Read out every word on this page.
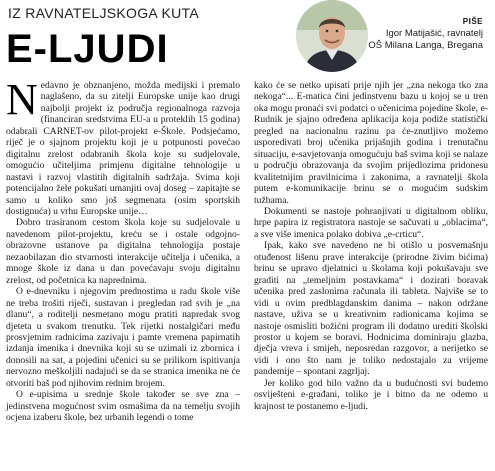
IZ RAVNATELJSKOGA KUTA
E-LJUDI
PIŠE
Igor Matijašić, ravnatelj
OŠ Milana Langa, Bregana

Nedavno je obznanjeno, možda medijski i premalo naglašeno, da su zitelji Europske unije kao drugi najbolji projekt iz područja regionalnoga razvoja (financiran sredstvima EU-a u proteklih 15 godina) odabrali CARNET-ov pilot-projekt e-Škole. Podsjećamo, riječ je o sjajnom projektu koji je u potpunosti povećao digitalnu zrelost odabranih škola koje su sudjelovale, omogućio učiteljima primjenu digitalne tehnologije u nastavi i razvoj vlastitih digitalnih sadržaja. Svima koji potencijalno žele pokušati umanjiti ovaj doseg – zapitajte se samo u koliko smo još segmenata (osim sportskih dostignuća) u vrhu Europske unije…

Dobro trasiranom cestom škola koje su sudjelovale u navedenom pilot-projektu, kreću se i ostale odgojno-obrazovne ustanove pa digitalna tehnologija postaje nezaobilazan dio stvarnosti interakcije učitelja i učenika, a mnoge škole iz dana u dan povećavaju svoju digitalnu zrelost, od početnica ka naprednima.

O e-dnevniku i njegovim prednostima u radu škole više ne treba trošiti riječi, sustavan i pregledan rad svih je „na dlanu“, a roditelji nesmetano mogu pratiti napredak svog djeteta u svakom trenutku. Tek rijetki nostalgičari među prosvjetnim radnicima zazivaju i pamte vremena papirnatih izdanja imenika i dnevnika koji su se uzimali iz zbornica i donosili na sat, a pojedini učenici su se prilikom ispitivanja nervozno meškoljili nadajući se da se stranica imenika ne će otvoriti baš pod njihovim rednim brojem.

O e-upisima u srednje škole također se sve zna – jedinstvena mogućnost svim osmašima da na temelju svojih ocjena izaberu škole, bez urbanih legendi o tome

kako će se netko upisati prije njih jer „zna nekoga tko zna nekoga“... E-matica čini jedinstvenu bazu u kojoj se u tren oka mogu pronaći svi podatci o učenicima pojedine škole, e-Rudnik je sjajno određena aplikacija koja podiže statistički pregled na nacionalnu razinu pa će-znutljivo možemo usporedivati broj učenika prijašnjih godina i trenutačnu situaciju, e-savjetovanja omogućuju baš svima koji se nalaze u području obrazovanja da svojim prijedlozima pridonesu kvalitetnijim pravilnicima i zakonima, a ravnatelji škola putem e-komunikacije brinu se o mogućim sudskim tužbama.

Dokumenti se nastoje pohranjivati u digitalnom obliku, hrpe papira iz registratora nastoje se sačuvati u „oblacima“, a sve više imenica polako dobiva „e-crticu“.

Ipak, kako sve navedeno ne bi otišlo u posvemašnju otuđenost lišenu prave interakcije (prirodne živim bićima) brinu se upravo djelatnici u školama koji pokušavaju sve graditi na „temeljnim postavkama“ i dozirati boravak učenika pred zaslonima računala ili tableta. Najviše se to vidi u ovim predblagdanskim danima – nakon održane nastave, uživa se u kreativnim radionicama kojima se nastoje osmisliti božićni program ili dodatno urediti školski prostor u kojem se boravi. Hodnicima dominiraju glazba, dječja vreva i smijeh, neposredan razgovor, a nerijetko se vidi i ono što nam je toliko nedostajalo za vrijeme pandemije – spontani zagrljaj.

Jer koliko god bilo važno da u budućnosti svi budemo osviješteni e-građani, toliko je i bitno da ne odemo u krajnost te postanemo e-ljudi.
